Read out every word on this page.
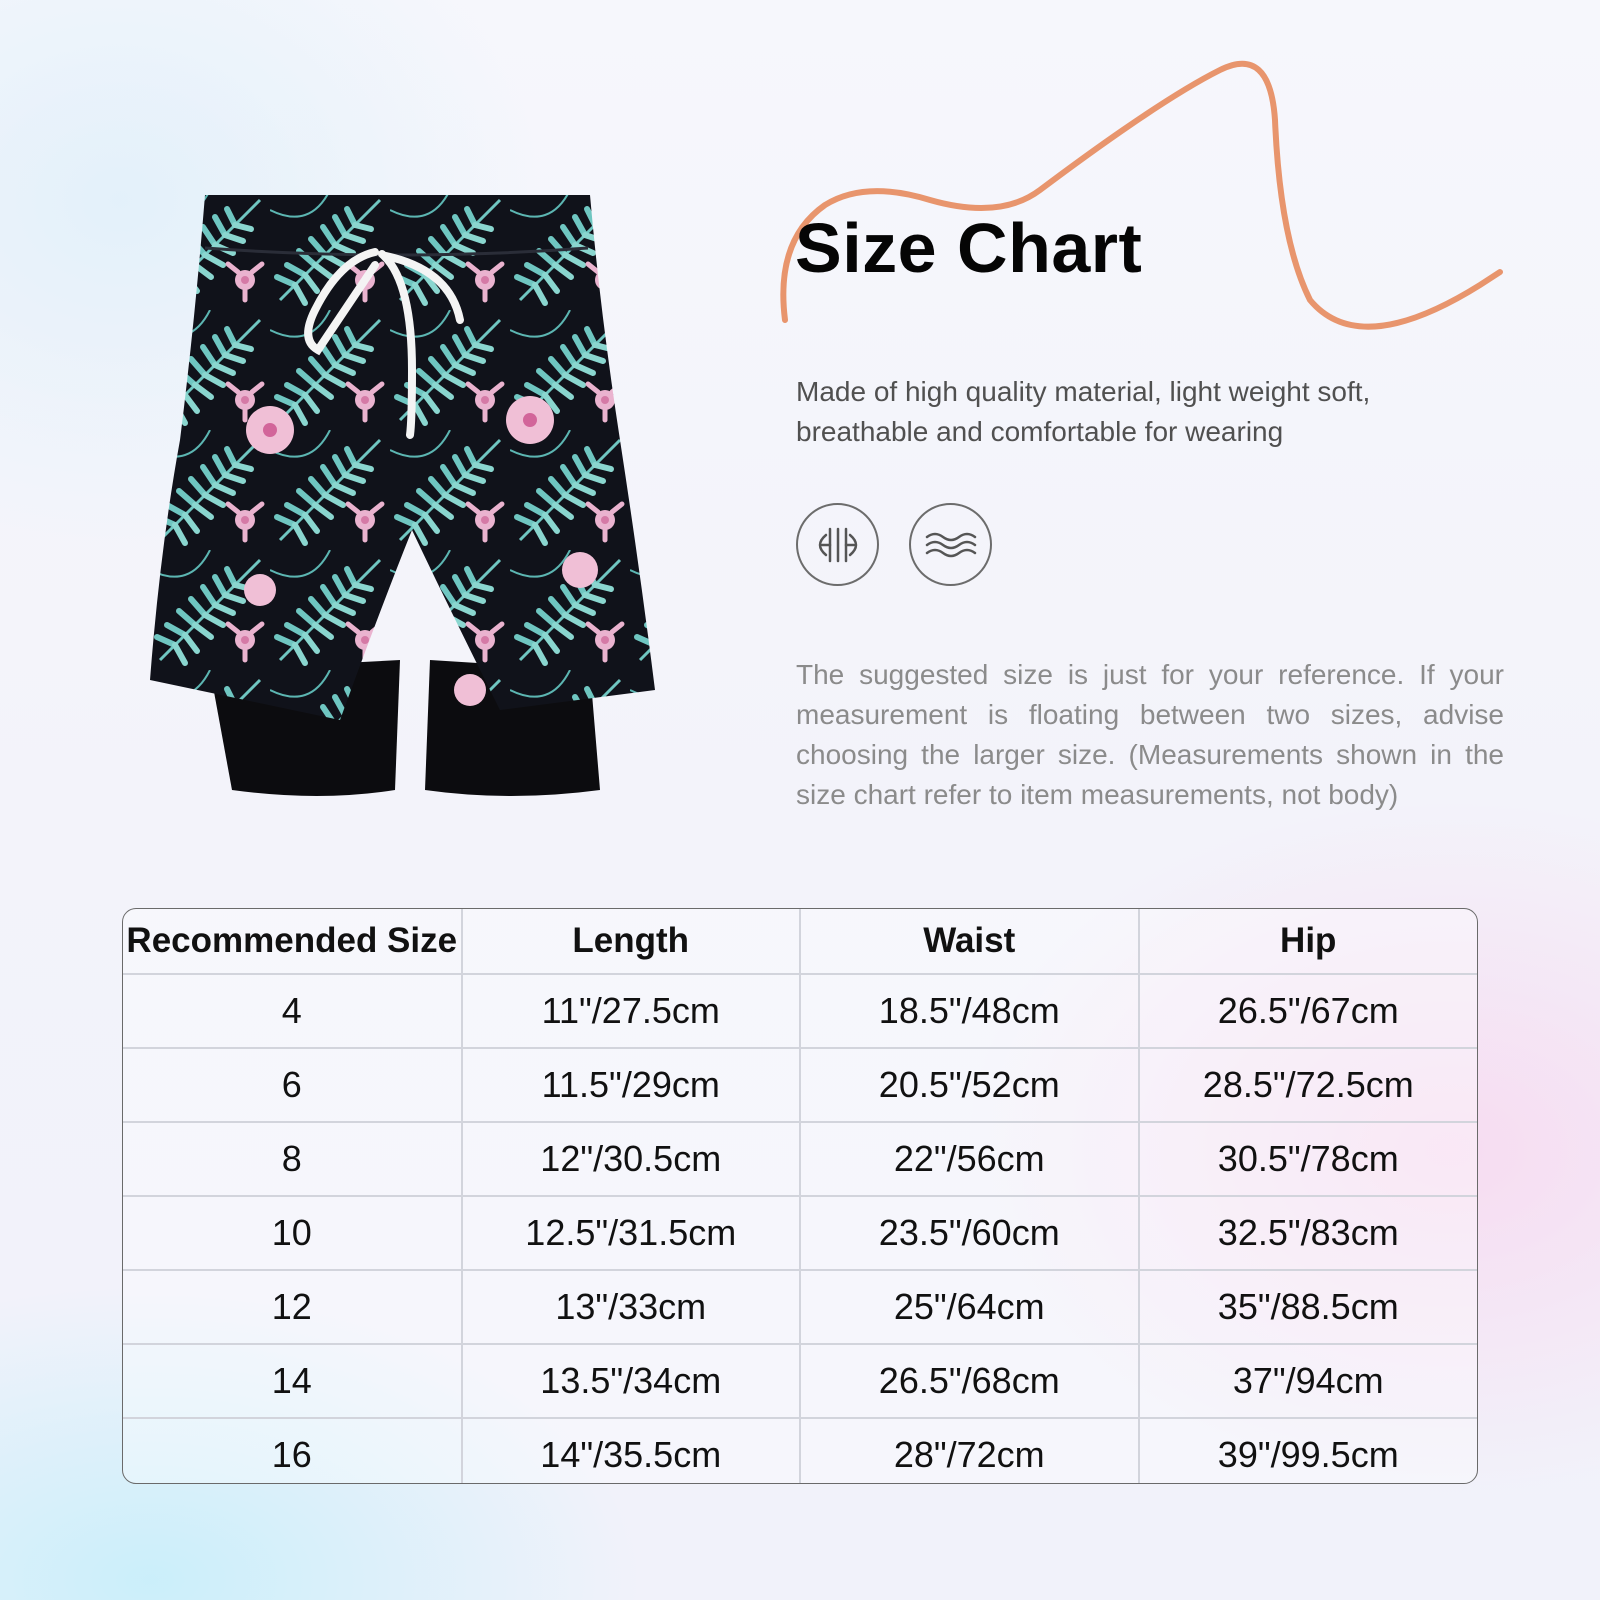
Size Chart

Made of high quality material, light weight soft, breathable and comfortable for wearing

The suggested size is just for your reference. If your measurement is floating between two sizes, advise choosing the larger size. (Measurements shown in the size chart refer to item measurements, not body)

Recommended Size	Length	Waist	Hip
4	11"/27.5cm	18.5"/48cm	26.5"/67cm
6	11.5"/29cm	20.5"/52cm	28.5"/72.5cm
8	12"/30.5cm	22"/56cm	30.5"/78cm
10	12.5"/31.5cm	23.5"/60cm	32.5"/83cm
12	13"/33cm	25"/64cm	35"/88.5cm
14	13.5"/34cm	26.5"/68cm	37"/94cm
16	14"/35.5cm	28"/72cm	39"/99.5cm
